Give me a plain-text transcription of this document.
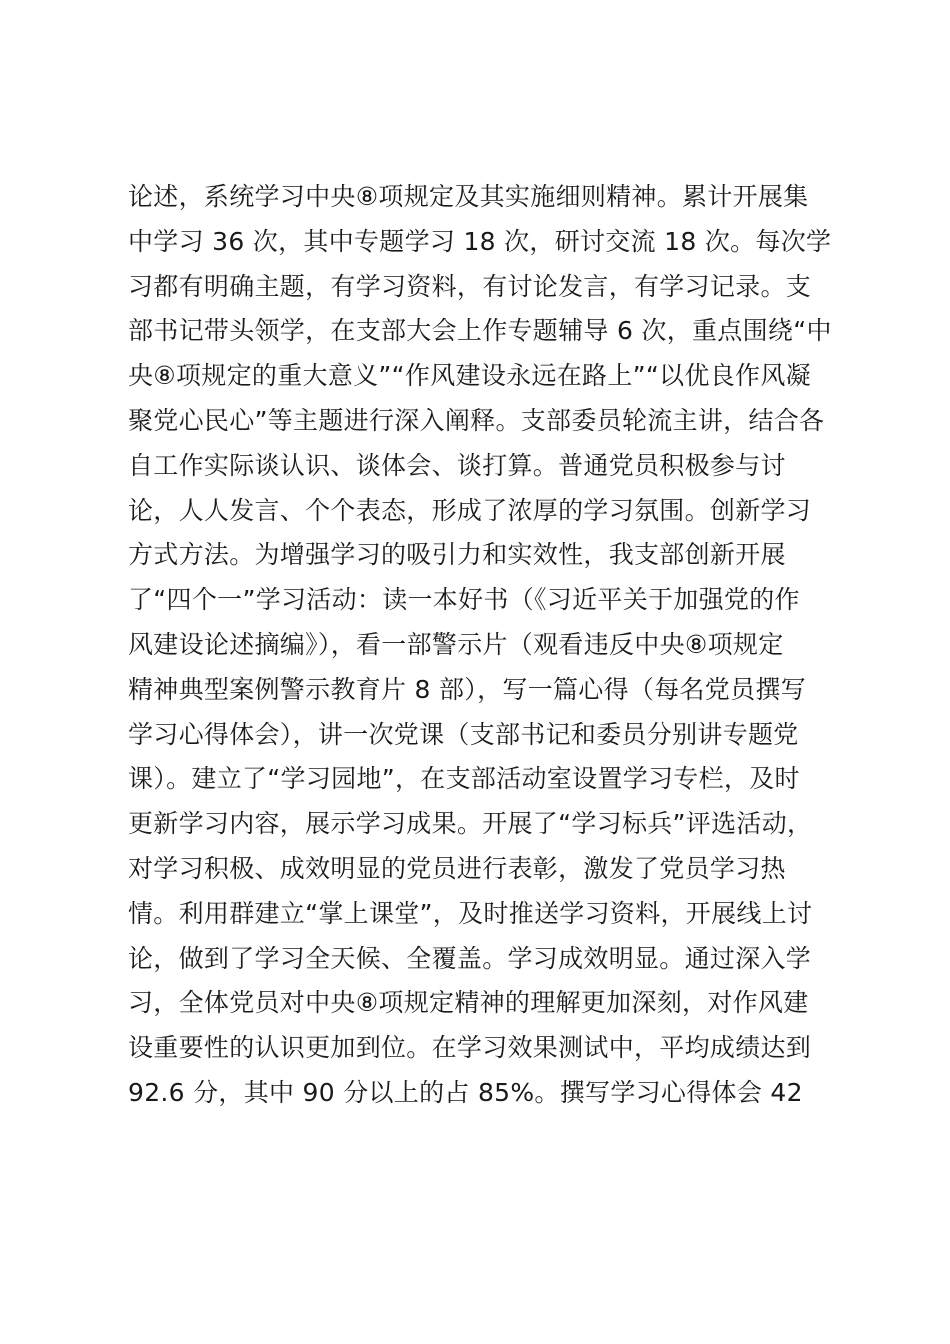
论述，系统学习中央⑧项规定及其实施细则精神。累计开展集
中学习 36 次，其中专题学习 18 次，研讨交流 18 次。每次学
习都有明确主题，有学习资料，有讨论发言，有学习记录。支
部书记带头领学，在支部大会上作专题辅导 6 次，重点围绕“中
央⑧项规定的重大意义”“作风建设永远在路上”“以优良作风凝
聚党心民心”等主题进行深入阐释。支部委员轮流主讲，结合各
自工作实际谈认识、谈体会、谈打算。普通党员积极参与讨
论，人人发言、个个表态，形成了浓厚的学习氛围。创新学习
方式方法。为增强学习的吸引力和实效性，我支部创新开展
了“四个一”学习活动：读一本好书（《习近平关于加强党的作
风建设论述摘编》），看一部警示片（观看违反中央⑧项规定
精神典型案例警示教育片 8 部），写一篇心得（每名党员撰写
学习心得体会），讲一次党课（支部书记和委员分别讲专题党
课）。建立了“学习园地”，在支部活动室设置学习专栏，及时
更新学习内容，展示学习成果。开展了“学习标兵”评选活动，
对学习积极、成效明显的党员进行表彰，激发了党员学习热
情。利用群建立“掌上课堂”，及时推送学习资料，开展线上讨
论，做到了学习全天候、全覆盖。学习成效明显。通过深入学
习，全体党员对中央⑧项规定精神的理解更加深刻，对作风建
设重要性的认识更加到位。在学习效果测试中，平均成绩达到
92.6 分，其中 90 分以上的占 85%。撰写学习心得体会 42
